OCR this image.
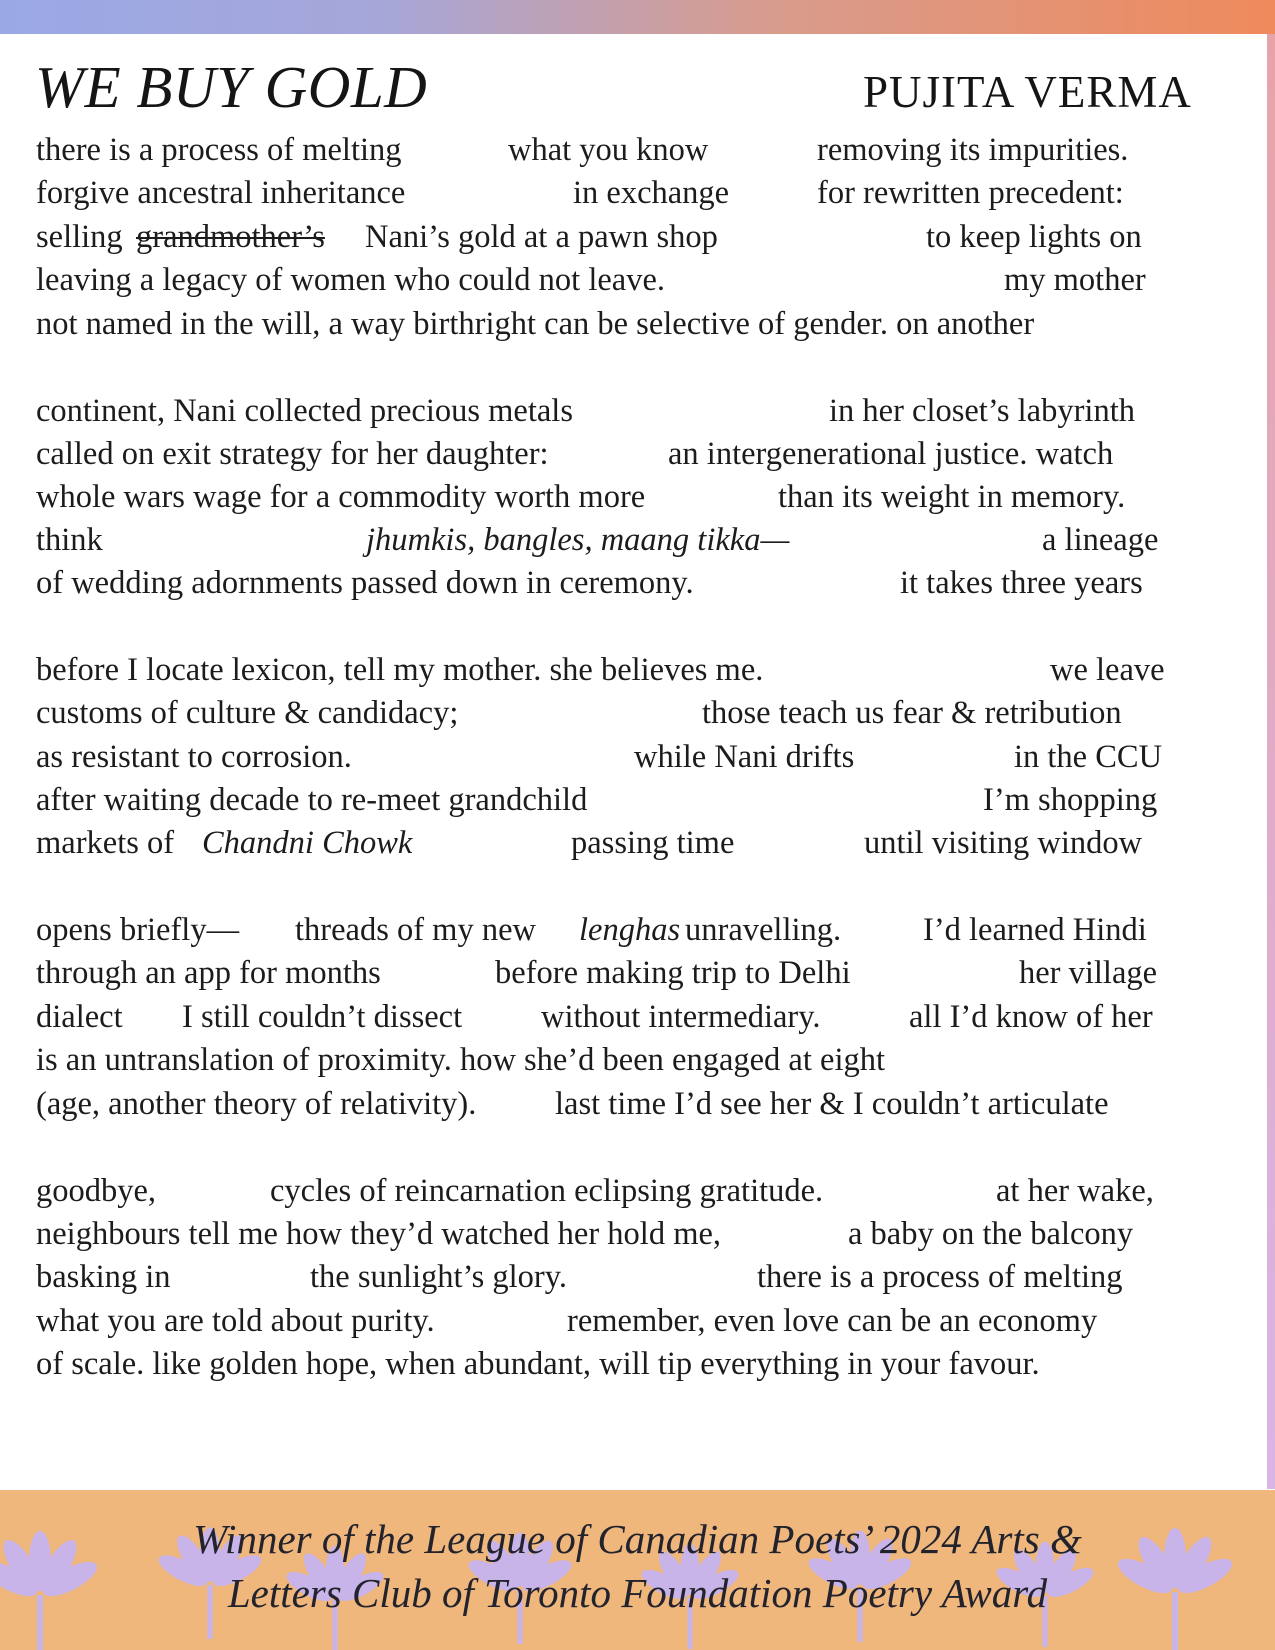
WE BUY GOLD	PUJITA VERMA
there is a process of melting	what you know	removing its impurities.
forgive ancestral inheritance	in exchange	for rewritten precedent:
selling grandmother’s Nani’s gold at a pawn shop	to keep lights on
leaving a legacy of women who could not leave.	my mother
not named in the will, a way birthright can be selective of gender. on another
continent, Nani collected precious metals	in her closet’s labyrinth
called on exit strategy for her daughter:	an intergenerational justice. watch
whole wars wage for a commodity worth more	than its weight in memory.
think	jhumkis, bangles, maang tikka—	a lineage
of wedding adornments passed down in ceremony.	it takes three years
before I locate lexicon, tell my mother. she believes me.	we leave
customs of culture & candidacy;	those teach us fear & retribution
as resistant to corrosion.	while Nani drifts	in the CCU
after waiting decade to re-meet grandchild	I’m shopping
markets of Chandni Chowk	passing time	until visiting window
opens briefly— threads of my new lenghas unravelling.	I’d learned Hindi
through an app for months	before making trip to Delhi	her village
dialect I still couldn’t dissect without intermediary.	all I’d know of her
is an untranslation of proximity. how she’d been engaged at eight
(age, another theory of relativity). last time I’d see her & I couldn’t articulate
goodbye,	cycles of reincarnation eclipsing gratitude.	at her wake,
neighbours tell me how they’d watched her hold me,	a baby on the balcony
basking in	the sunlight’s glory.	there is a process of melting
what you are told about purity.	remember, even love can be an economy
of scale. like golden hope, when abundant, will tip everything in your favour.
Winner of the League of Canadian Poets’ 2024 Arts &
Letters Club of Toronto Foundation Poetry Award
